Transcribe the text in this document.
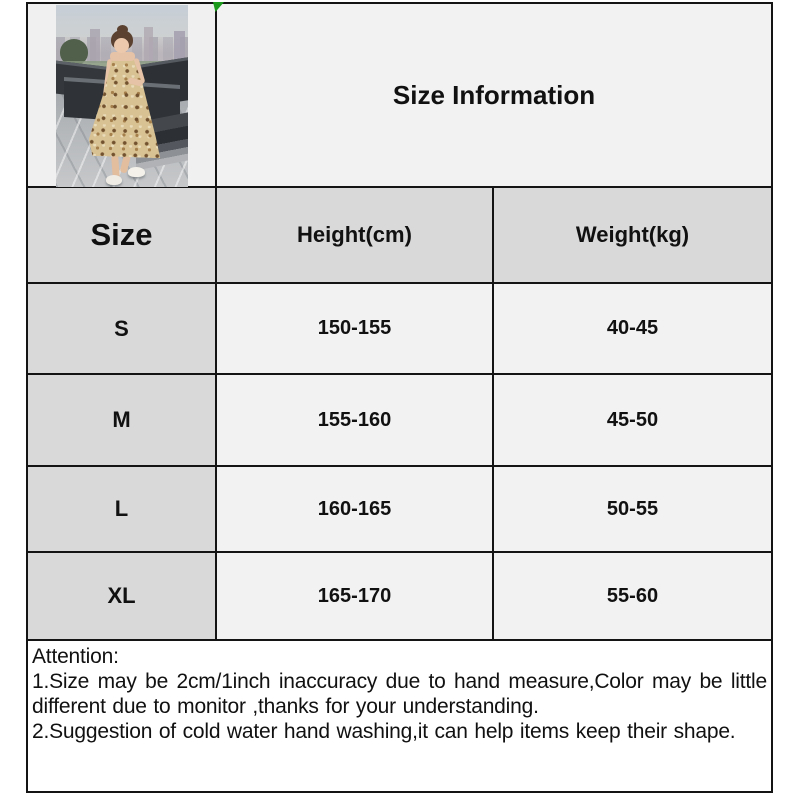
Size Information
Size	Height(cm)	Weight(kg)
S	150-155	40-45
M	155-160	45-50
L	160-165	50-55
XL	165-170	55-60

Attention:

1.Size may be 2cm/1inch inaccuracy due to hand measure,Color may be little different due to monitor ,thanks for your understanding.

2.Suggestion of cold water hand washing,it can help items keep their shape.
